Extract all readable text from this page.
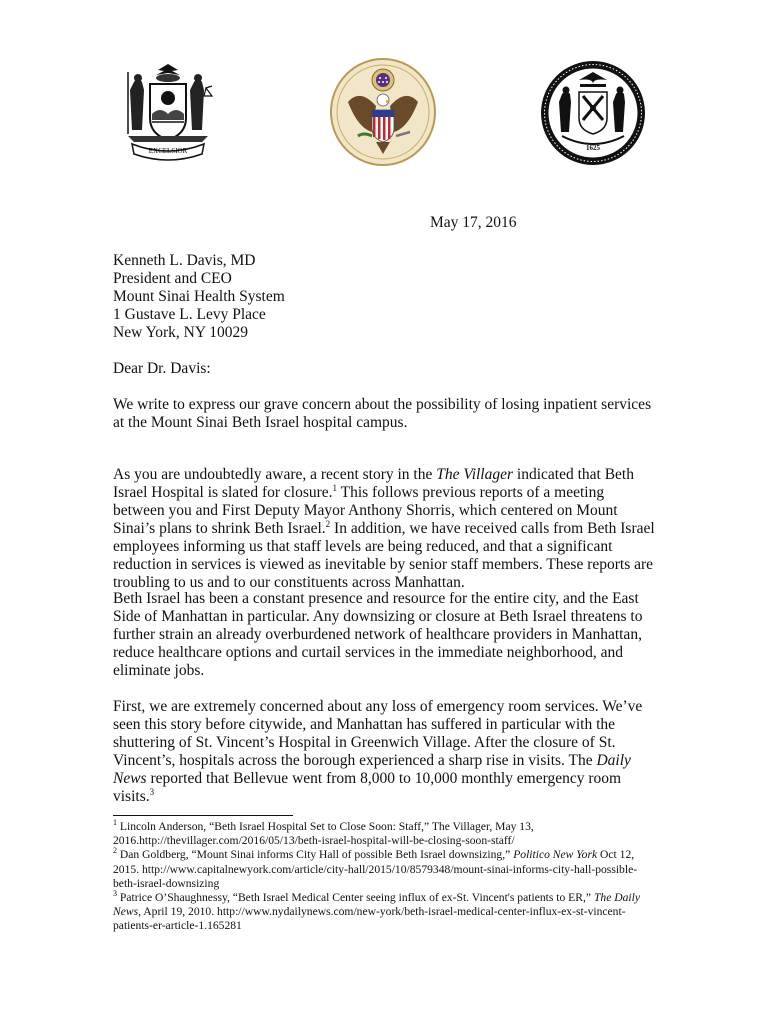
EXCELSIOR	1625
May 17, 2016
Kenneth L. Davis, MD
President and CEO
Mount Sinai Health System
1 Gustave L. Levy Place
New York, NY 10029
Dear Dr. Davis:
We write to express our grave concern about the possibility of losing inpatient services at the Mount Sinai Beth Israel hospital campus.
As you are undoubtedly aware, a recent story in the The Villager indicated that Beth Israel Hospital is slated for closure.$^1$ This follows previous reports of a meeting between you and First Deputy Mayor Anthony Shorris, which centered on Mount Sinai’s plans to shrink Beth Israel.$^2$ In addition, we have received calls from Beth Israel employees informing us that staff levels are being reduced, and that a significant reduction in services is viewed as inevitable by senior staff members. These reports are troubling to us and to our constituents across Manhattan.
Beth Israel has been a constant presence and resource for the entire city, and the East Side of Manhattan in particular. Any downsizing or closure at Beth Israel threatens to further strain an already overburdened network of healthcare providers in Manhattan, reduce healthcare options and curtail services in the immediate neighborhood, and eliminate jobs.
First, we are extremely concerned about any loss of emergency room services. We’ve seen this story before citywide, and Manhattan has suffered in particular with the shuttering of St. Vincent’s Hospital in Greenwich Village. After the closure of St. Vincent’s, hospitals across the borough experienced a sharp rise in visits. The Daily News reported that Bellevue went from 8,000 to 10,000 monthly emergency room visits.$^3$
$^1$ Lincoln Anderson, “Beth Israel Hospital Set to Close Soon: Staff,” The Villager, May 13, 2016.http://thevillager.com/2016/05/13/beth-israel-hospital-will-be-closing-soon-staff/
$^2$ Dan Goldberg, “Mount Sinai informs City Hall of possible Beth Israel downsizing,” Politico New York Oct 12, 2015. http://www.capitalnewyork.com/article/city-hall/2015/10/8579348/mount-sinai-informs-city-hall-possible-beth-israel-downsizing
$^3$ Patrice O’Shaughnessy, “Beth Israel Medical Center seeing influx of ex-St. Vincent's patients to ER,” The Daily News, April 19, 2010. http://www.nydailynews.com/new-york/beth-israel-medical-center-influx-ex-st-vincent-patients-er-article-1.165281
